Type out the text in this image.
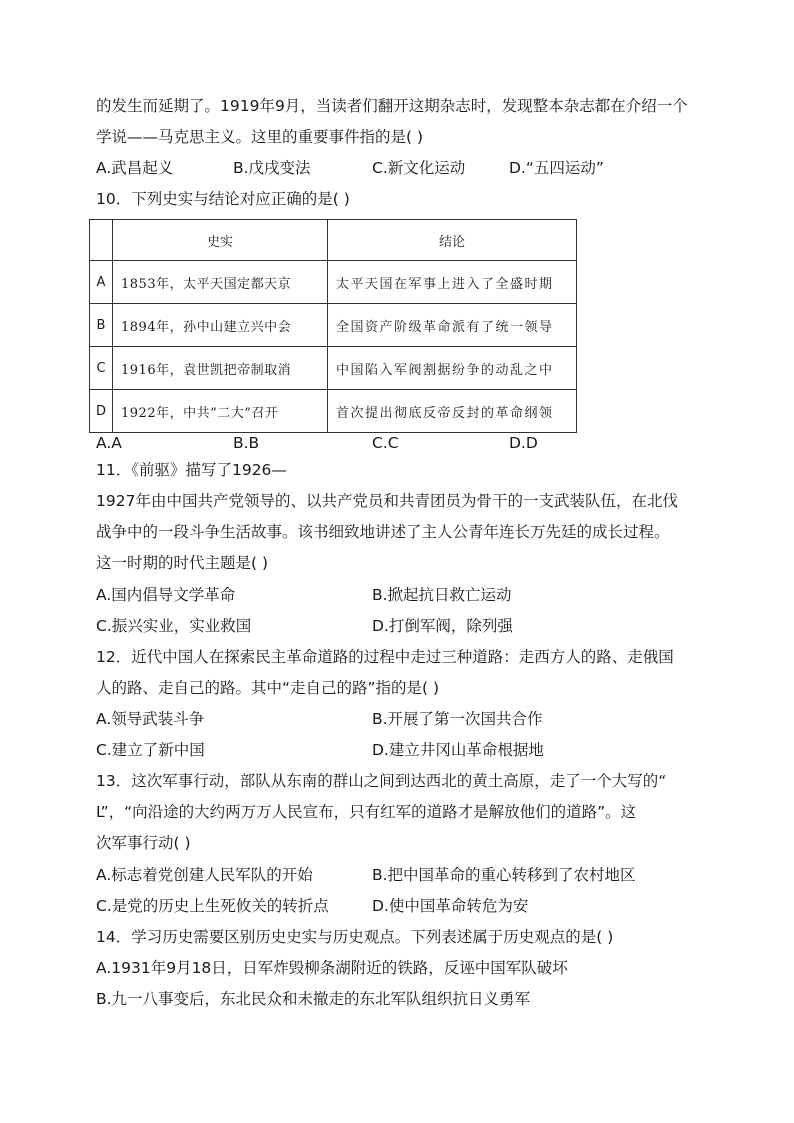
的发生而延期了。1919年9月，当读者们翻开这期杂志时，发现整本杂志都在介绍一个
学说——马克思主义。这里的重要事件指的是( )
A.武昌起义	B.戊戌变法	C.新文化运动	D.“五四运动”
10．下列史实与结论对应正确的是( )
	史实	结论
A	1853年，太平天国定都天京	太平天国在军事上进入了全盛时期
B	1894年，孙中山建立兴中会	全国资产阶级革命派有了统一领导
C	1916年，袁世凯把帝制取消	中国陷入军阀割据纷争的动乱之中
D	1922年，中共“二大”召开	首次提出彻底反帝反封的革命纲领
A.A	B.B	C.C	D.D
11．《前驱》描写了1926—
1927年由中国共产党领导的、以共产党员和共青团员为骨干的一支武装队伍，在北伐
战争中的一段斗争生活故事。该书细致地讲述了主人公青年连长万先廷的成长过程。
这一时期的时代主题是( )
A.国内倡导文学革命	B.掀起抗日救亡运动
C.振兴实业，实业救国	D.打倒军阀，除列强
12．近代中国人在探索民主革命道路的过程中走过三种道路：走西方人的路、走俄国
人的路、走自己的路。其中“走自己的路”指的是( )
A.领导武装斗争	B.开展了第一次国共合作
C.建立了新中国	D.建立井冈山革命根据地
13．这次军事行动，部队从东南的群山之间到达西北的黄土高原，走了一个大写的“
L”，“向沿途的大约两万万人民宣布，只有红军的道路才是解放他们的道路”。这
次军事行动( )
A.标志着党创建人民军队的开始	B.把中国革命的重心转移到了农村地区
C.是党的历史上生死攸关的转折点	D.使中国革命转危为安
14．学习历史需要区别历史史实与历史观点。下列表述属于历史观点的是( )
A.1931年9月18日，日军炸毁柳条湖附近的铁路，反诬中国军队破坏
B.九一八事变后，东北民众和未撤走的东北军队组织抗日义勇军
